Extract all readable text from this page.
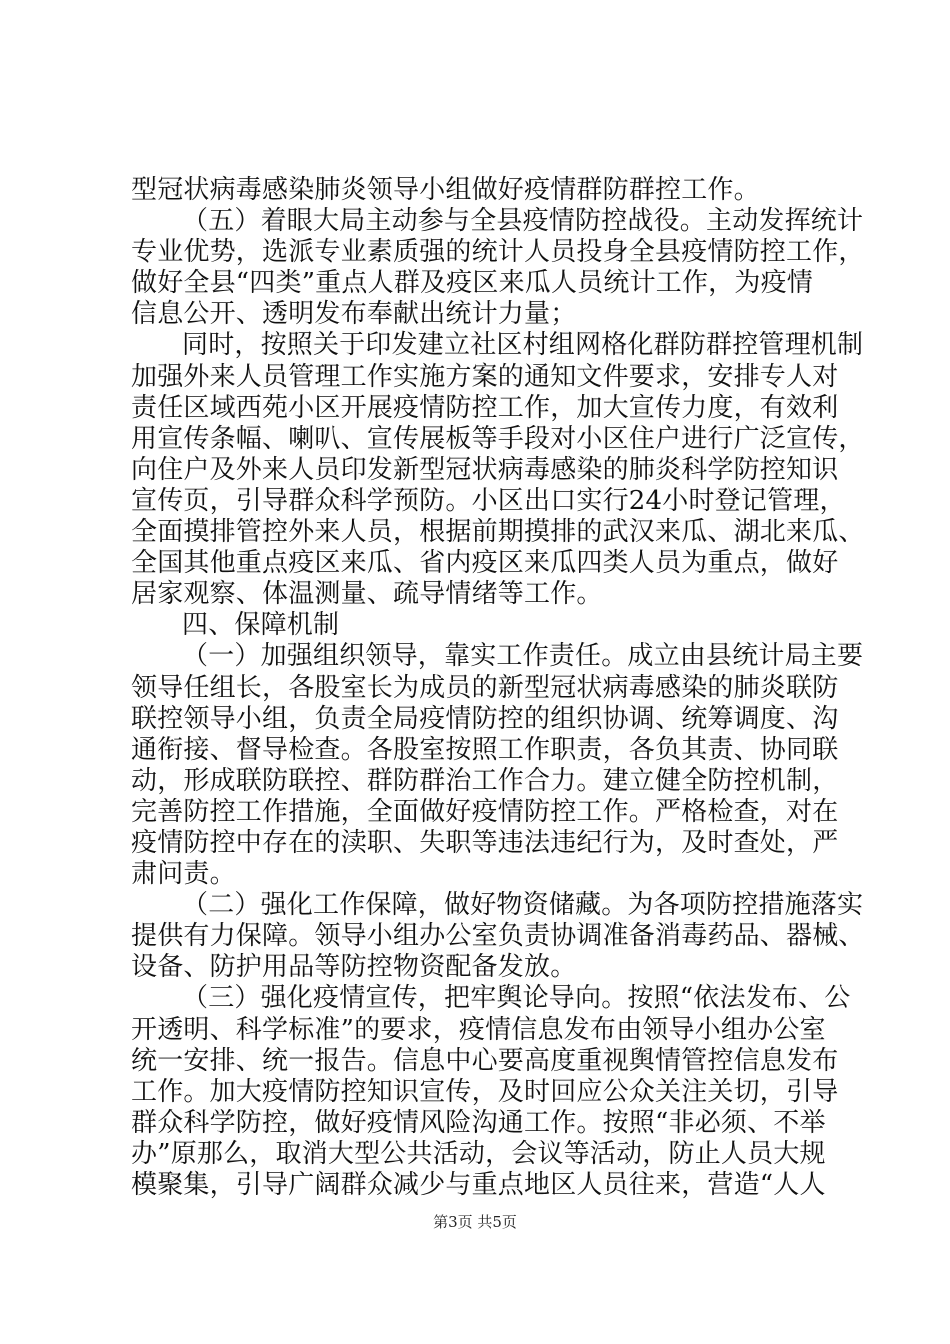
型冠状病毒感染肺炎领导小组做好疫情群防群控工作。
（五）着眼大局主动参与全县疫情防控战役。主动发挥统计
专业优势，选派专业素质强的统计人员投身全县疫情防控工作，
做好全县“四类”重点人群及疫区来瓜人员统计工作，为疫情
信息公开、透明发布奉献出统计力量；
同时，按照关于印发建立社区村组网格化群防群控管理机制
加强外来人员管理工作实施方案的通知文件要求，安排专人对
责任区域西苑小区开展疫情防控工作，加大宣传力度，有效利
用宣传条幅、喇叭、宣传展板等手段对小区住户进行广泛宣传，
向住户及外来人员印发新型冠状病毒感染的肺炎科学防控知识
宣传页，引导群众科学预防。小区出口实行24小时登记管理，
全面摸排管控外来人员，根据前期摸排的武汉来瓜、湖北来瓜、
全国其他重点疫区来瓜、省内疫区来瓜四类人员为重点，做好
居家观察、体温测量、疏导情绪等工作。
四、保障机制
（一）加强组织领导，靠实工作责任。成立由县统计局主要
领导任组长，各股室长为成员的新型冠状病毒感染的肺炎联防
联控领导小组，负责全局疫情防控的组织协调、统筹调度、沟
通衔接、督导检查。各股室按照工作职责，各负其责、协同联
动，形成联防联控、群防群治工作合力。建立健全防控机制，
完善防控工作措施，全面做好疫情防控工作。严格检查，对在
疫情防控中存在的渎职、失职等违法违纪行为，及时查处，严
肃问责。
（二）强化工作保障，做好物资储藏。为各项防控措施落实
提供有力保障。领导小组办公室负责协调准备消毒药品、器械、
设备、防护用品等防控物资配备发放。
（三）强化疫情宣传，把牢舆论导向。按照“依法发布、公
开透明、科学标准”的要求，疫情信息发布由领导小组办公室
统一安排、统一报告。信息中心要高度重视舆情管控信息发布
工作。加大疫情防控知识宣传，及时回应公众关注关切，引导
群众科学防控，做好疫情风险沟通工作。按照“非必须、不举
办”原那么，取消大型公共活动，会议等活动，防止人员大规
模聚集，引导广阔群众减少与重点地区人员往来，营造“人人
第3页 共5页
